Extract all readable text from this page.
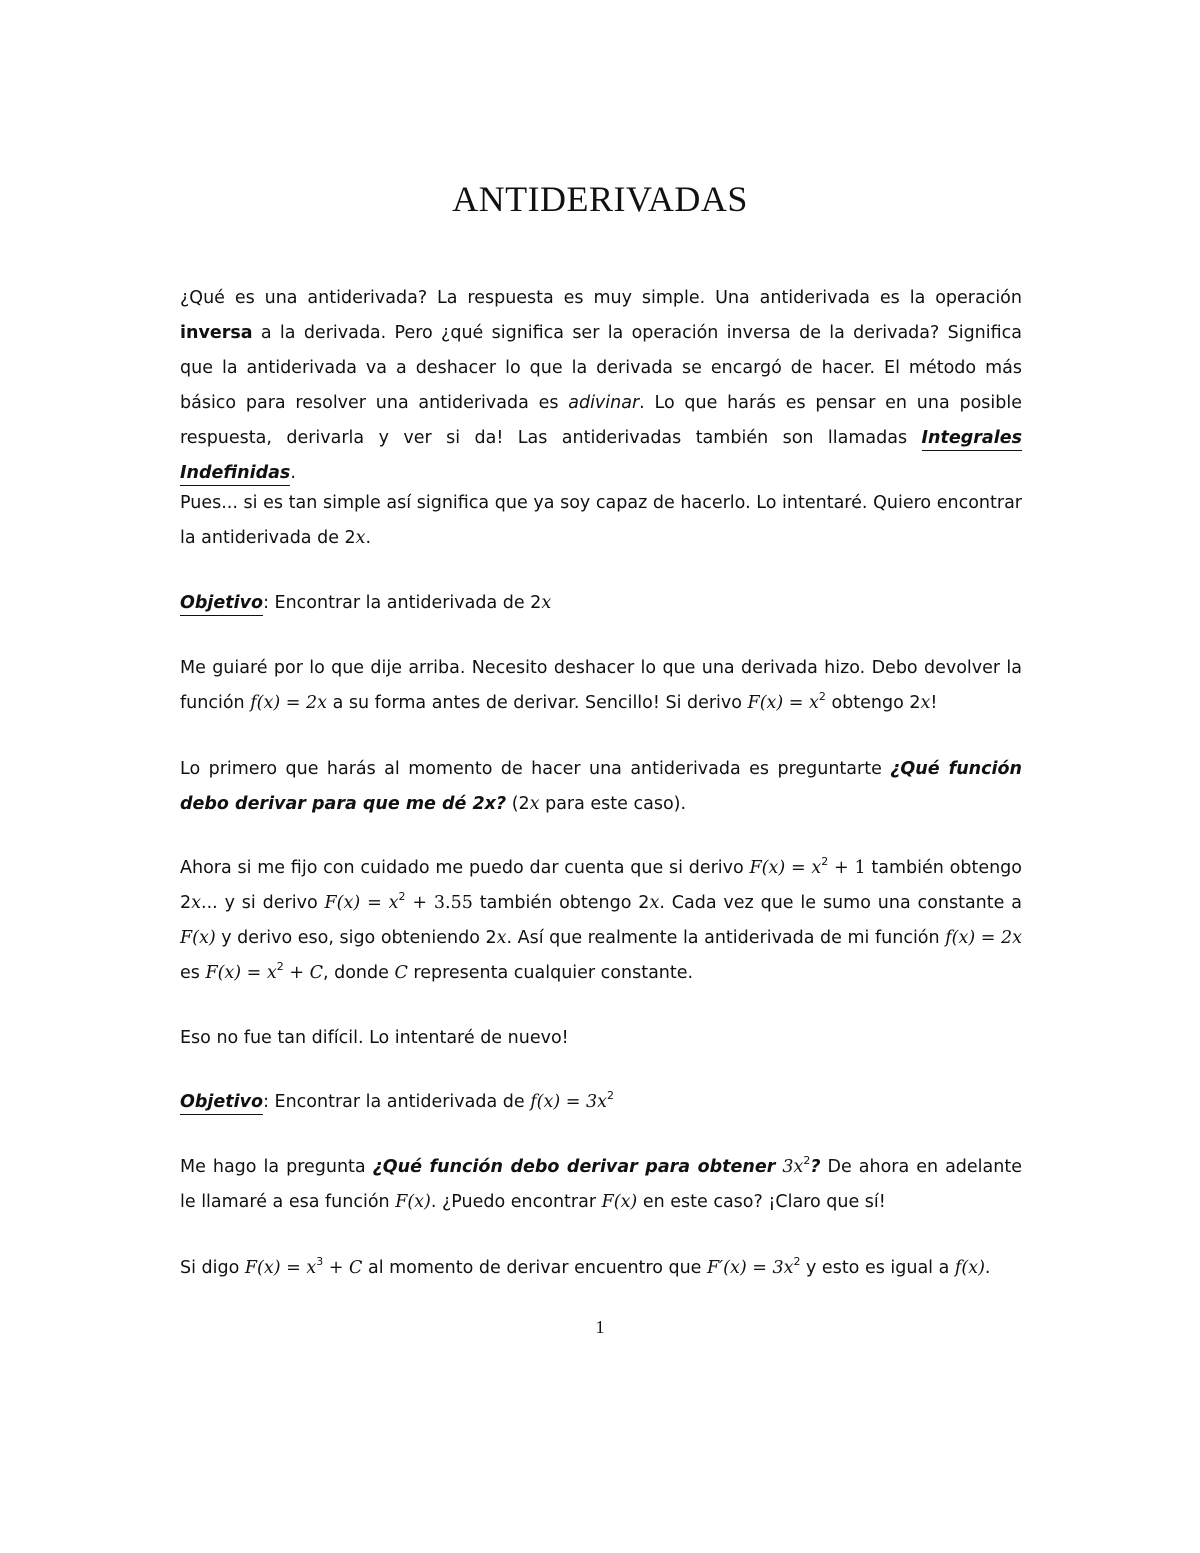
ANTIDERIVADAS
¿Qué es una antiderivada? La respuesta es muy simple. Una antiderivada es la operación inversa a la derivada. Pero ¿qué significa ser la operación inversa de la derivada? Significa que la antiderivada va a deshacer lo que la derivada se encargó de hacer. El método más básico para resolver una antiderivada es adivinar. Lo que harás es pensar en una posible respuesta, derivarla y ver si da! Las antiderivadas también son llamadas Integrales Indefinidas.
Pues... si es tan simple así significa que ya soy capaz de hacerlo. Lo intentaré. Quiero encontrar la antiderivada de 2x.
Objetivo: Encontrar la antiderivada de 2x
Me guiaré por lo que dije arriba. Necesito deshacer lo que una derivada hizo. Debo devolver la función f(x) = 2x a su forma antes de derivar. Sencillo! Si derivo $F(x) = x^2$ obtengo 2x!
Lo primero que harás al momento de hacer una antiderivada es preguntarte ¿Qué función debo derivar para que me dé 2x? (2x para este caso).
Ahora si me fijo con cuidado me puedo dar cuenta que si derivo $F(x) = x^2 + 1$ también obtengo 2x... y si derivo $F(x) = x^2 + 3.55$ también obtengo 2x. Cada vez que le sumo una constante a F(x) y derivo eso, sigo obteniendo 2x. Así que realmente la antiderivada de mi función f(x) = 2x es $F(x) = x^2 + C$, donde C representa cualquier constante.
Eso no fue tan difícil. Lo intentaré de nuevo!
Objetivo: Encontrar la antiderivada de $f(x) = 3x^2$
Me hago la pregunta ¿Qué función debo derivar para obtener $3x^2$? De ahora en adelante le llamaré a esa función F(x). ¿Puedo encontrar F(x) en este caso? ¡Claro que sí!
Si digo $F(x) = x^3 + C$ al momento de derivar encuentro que $F'(x) = 3x^2$ y esto es igual a f(x).
1
